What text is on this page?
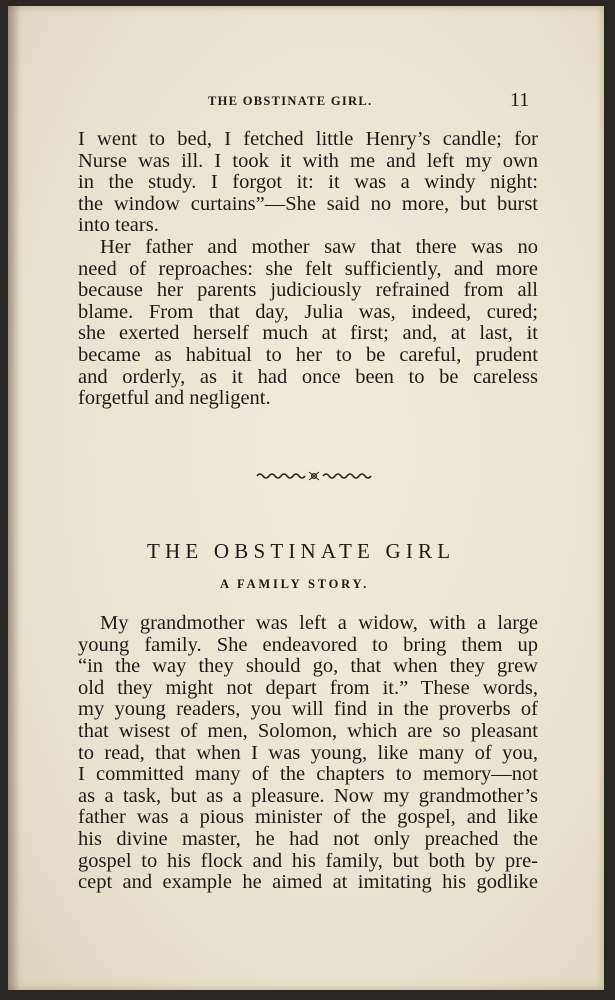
THE OBSTINATE GIRL.	11
I went to bed, I fetched little Henry’s candle; for
Nurse was ill. I took it with me and left my own
in the study. I forgot it: it was a windy night:
the window curtains”—She said no more, but burst
into tears.
Her father and mother saw that there was no
need of reproaches: she felt sufficiently, and more
because her parents judiciously refrained from all
blame. From that day, Julia was, indeed, cured;
she exerted herself much at first; and, at last, it
became as habitual to her to be careful, prudent
and orderly, as it had once been to be careless
forgetful and negligent.
THE OBSTINATE GIRL
A FAMILY STORY.
My grandmother was left a widow, with a large
young family. She endeavored to bring them up
“in the way they should go, that when they grew
old they might not depart from it.” These words,
my young readers, you will find in the proverbs of
that wisest of men, Solomon, which are so pleasant
to read, that when I was young, like many of you,
I committed many of the chapters to memory—not
as a task, but as a pleasure. Now my grandmother’s
father was a pious minister of the gospel, and like
his divine master, he had not only preached the
gospel to his flock and his family, but both by pre-
cept and example he aimed at imitating his godlike
